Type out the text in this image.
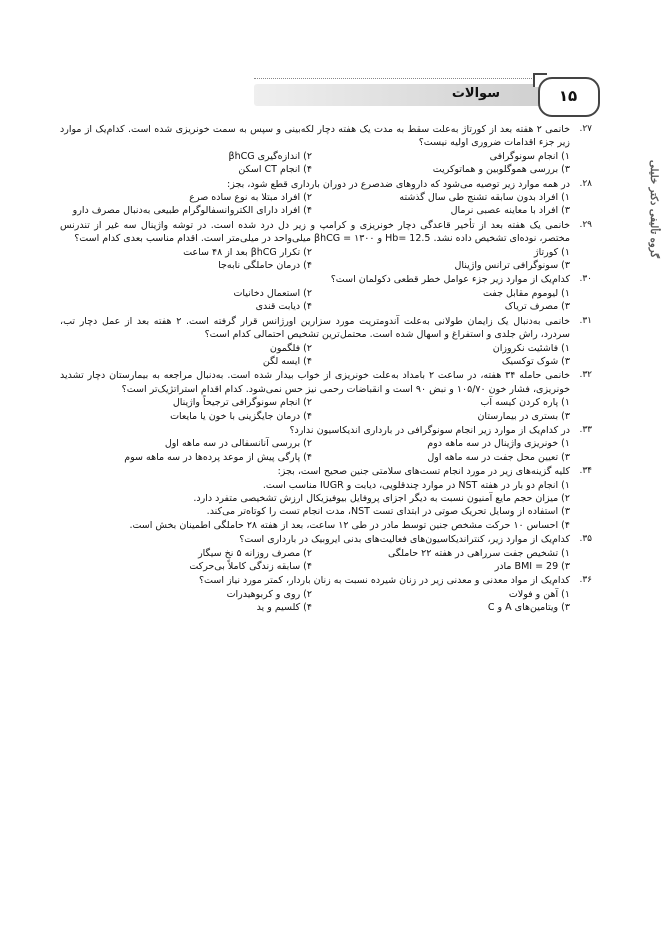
سوالات	۱۵
گروه تألیفی دکتر خلیلی
۲۷.
خانمی ۲ هفته بعد از کورتاژ به‌علت سقط به مدت یک هفته دچار لکه‌بینی و سپس به سمت خونریزی شده است. کدام‌یک از موارد زیر جزء اقدامات ضروری اولیه نیست؟
۱) انجام سونوگرافی
۲) اندازه‌گیری βhCG
۳) بررسی هموگلوبین و هماتوکریت
۴) انجام CT اسکن
۲۸.
در همه موارد زیر توصیه می‌شود که داروهای ضدصرع در دوران بارداری قطع شود، بجز:
۱) افراد بدون سابقه تشنج طی سال گذشته
۲) افراد مبتلا به نوع ساده صرع
۳) افراد با معاینه عصبی نرمال
۴) افراد دارای الکتروانسفالوگرام طبیعی به‌دنبال مصرف دارو
۲۹.
خانمی یک هفته بعد از تأخیر قاعدگی دچار خونریزی و کرامپ و زیر دل درد شده است. در توشه واژینال سه غیر از تندرنس مختصر، نوده‌ای تشخیص داده نشد. Hb= 12.5 و βhCG = ۱۳۰۰ میلی‌واحد در میلی‌متر است. اقدام مناسب بعدی کدام است؟
۱) کورتاژ
۲) تکرار βhCG بعد از ۴۸ ساعت
۳) سونوگرافی ترانس واژینال
۴) درمان حاملگی نابه‌جا
۳۰.
کدام‌یک از موارد زیر جزء عوامل خطر قطعی دکولمان است؟
۱) لیوموم مقابل جفت
۲) استعمال دخانیات
۳) مصرف تریاک
۴) دیابت قندی
۳۱.
خانمی به‌دنبال یک زایمان طولانی به‌علت آندومتریت مورد سزارین اورژانس قرار گرفته است. ۲ هفته بعد از عمل دچار تب، سردرد، راش جلدی و استفراغ و اسهال شده است. محتمل‌ترین تشخیص احتمالی کدام است؟
۱) فاشئیت نکروزان
۲) فلگمون
۳) شوک توکسیک
۴) ایسه لگن
۳۲.
خانمی حامله ۳۴ هفته، در ساعت ۲ بامداد به‌علت خونریزی از خواب بیدار شده است. به‌دنبال مراجعه به بیمارستان دچار تشدید خونریزی، فشار خون ۱۰۵/۷۰ و نبض ۹۰ است و انقباضات رحمی نیز حس نمی‌شود. کدام اقدام استراتژیک‌تر است؟
۱) پاره کردن کیسه آب
۲) انجام سونوگرافی ترجیحاً واژینال
۳) بستری در بیمارستان
۴) درمان جایگزینی با خون یا مایعات
۳۳.
در کدام‌یک از موارد زیر انجام سونوگرافی در بارداری اندیکاسیون ندارد؟
۱) خونریزی واژینال در سه ماهه دوم
۲) بررسی آنانسفالی در سه ماهه اول
۳) تعیین محل جفت در سه ماهه اول
۴) پارگی پیش از موعد پرده‌ها در سه ماهه سوم
۳۴.
کلیه گزینه‌های زیر در مورد انجام تست‌های سلامتی جنین صحیح است، بجز:
۱) انجام دو بار در هفته NST در موارد چندقلویی، دیابت و IUGR مناسب است.
۲) میزان حجم مایع آمنیون نسبت به دیگر اجزای پروفایل بیوفیزیکال ارزش تشخیصی متفرد دارد.
۳) استفاده از وسایل تحریک صوتی در ابتدای تست NST، مدت انجام تست را کوتاه‌تر می‌کند.
۴) احساس ۱۰ حرکت مشخص جنین توسط مادر در طی ۱۲ ساعت، بعد از هفته ۲۸ حاملگی اطمینان بخش است.
۳۵.
کدام‌یک از موارد زیر، کنتراندیکاسیون‌های فعالیت‌های بدنی ایروبیک در بارداری است؟
۱) تشخیص جفت سرراهی در هفته ۲۲ حاملگی
۲) مصرف روزانه ۵ نخ سیگار
۳) BMI = 29 مادر
۴) سابقه زندگی کاملاً بی‌حرکت
۳۶.
کدام‌یک از مواد معدنی و معدنی زیر در زنان شیرده نسبت به زنان باردار، کمتر مورد نیاز است؟
۱) آهن و فولات
۲) روی و کربوهیدرات
۳) ویتامین‌های A و C
۴) کلسیم و ید
